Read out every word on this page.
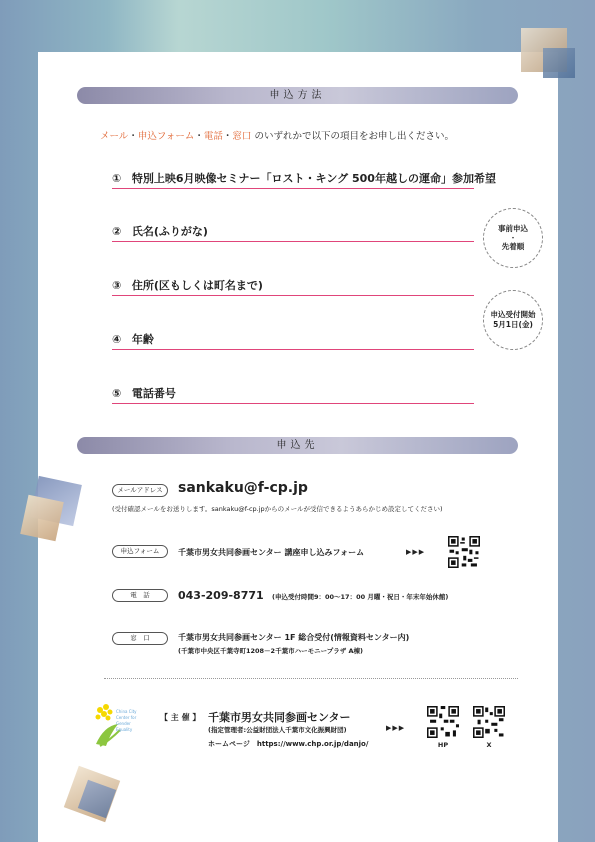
申込方法
メール・申込フォーム・電話・窓口 のいずれかで以下の項目をお申し出ください。
① 特別上映6月映像セミナー「ロスト・キング 500年越しの運命」参加希望
② 氏名(ふりがな)
③ 住所(区もしくは町名まで)
④ 年齢
⑤ 電話番号
事前申込
・
先着順
申込受付開始
5月1日(金)
申込先
メールアドレス	sankaku@f-cp.jp
(受付確認メールをお送りします。sankaku@f-cp.jpからのメールが受信できるようあらかじめ設定してください)
申込フォーム	千葉市男女共同参画センター 講座申し込みフォーム	▶▶▶
電　話	043-209-8771 (申込受付時間9：00～17：00 月曜・祝日・年末年始休館)
窓　口	千葉市男女共同参画センター 1F 総合受付(情報資料センター内)
(千葉市中央区千葉寺町1208－2千葉市ハーモニープラザ A棟)
China City
Center for
Gender
Equality
【 主 催 】 千葉市男女共同参画センター
(指定管理者:公益財団法人千葉市文化振興財団)
ホームページ　https://www.chp.or.jp/danjo/
▶▶▶
HP	X
